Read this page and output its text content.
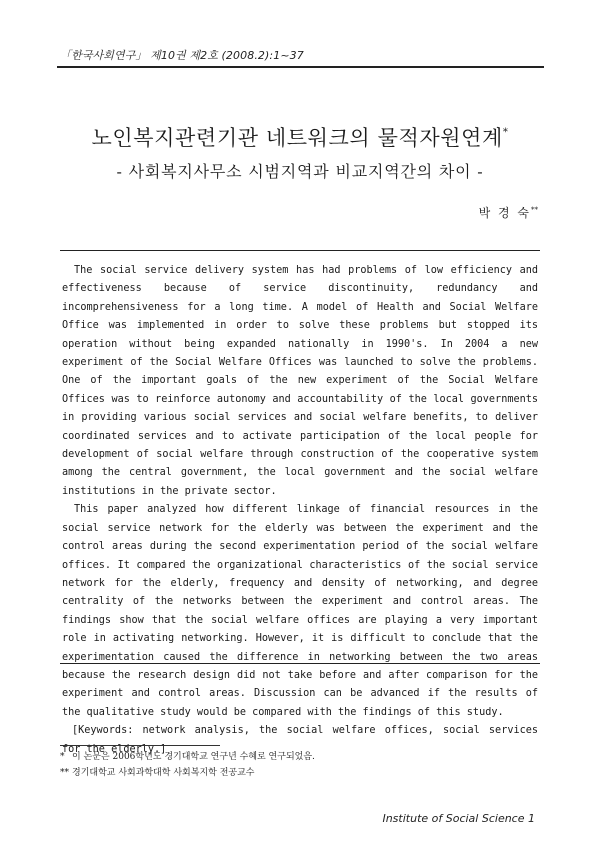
「한국사회연구」 제10권 제2호 (2008.2):1~37
노인복지관련기관 네트워크의 물적자원연계*
- 사회복지사무소 시범지역과 비교지역간의 차이 -
박 경 숙**

The social service delivery system has had problems of low efficiency and effectiveness because of service discontinuity, redundancy and incomprehensiveness for a long time. A model of Health and Social Welfare Office was implemented in order to solve these problems but stopped its operation without being expanded nationally in 1990's. In 2004 a new experiment of the Social Welfare Offices was launched to solve the problems. One of the important goals of the new experiment of the Social Welfare Offices was to reinforce autonomy and accountability of the local governments in providing various social services and social welfare benefits, to deliver coordinated services and to activate participation of the local people for development of social welfare through construction of the cooperative system among the central government, the local government and the social welfare institutions in the private sector.

This paper analyzed how different linkage of financial resources in the social service network for the elderly was between the experiment and the control areas during the second experimentation period of the social welfare offices. It compared the organizational characteristics of the social service network for the elderly, frequency and density of networking, and degree centrality of the networks between the experiment and control areas. The findings show that the social welfare offices are playing a very important role in activating networking. However, it is difficult to conclude that the experimentation caused the difference in networking between the two areas because the research design did not take before and after comparison for the experiment and control areas. Discussion can be advanced if the results of the qualitative study would be compared with the findings of this study.

[Keywords: network analysis, the social welfare offices, social services for the elderly.]

* 이 논문은 2006학년도 경기대학교 연구년 수혜로 연구되었음.
** 경기대학교 사회과학대학 사회복지학 전공교수
Institute of Social Science 1
